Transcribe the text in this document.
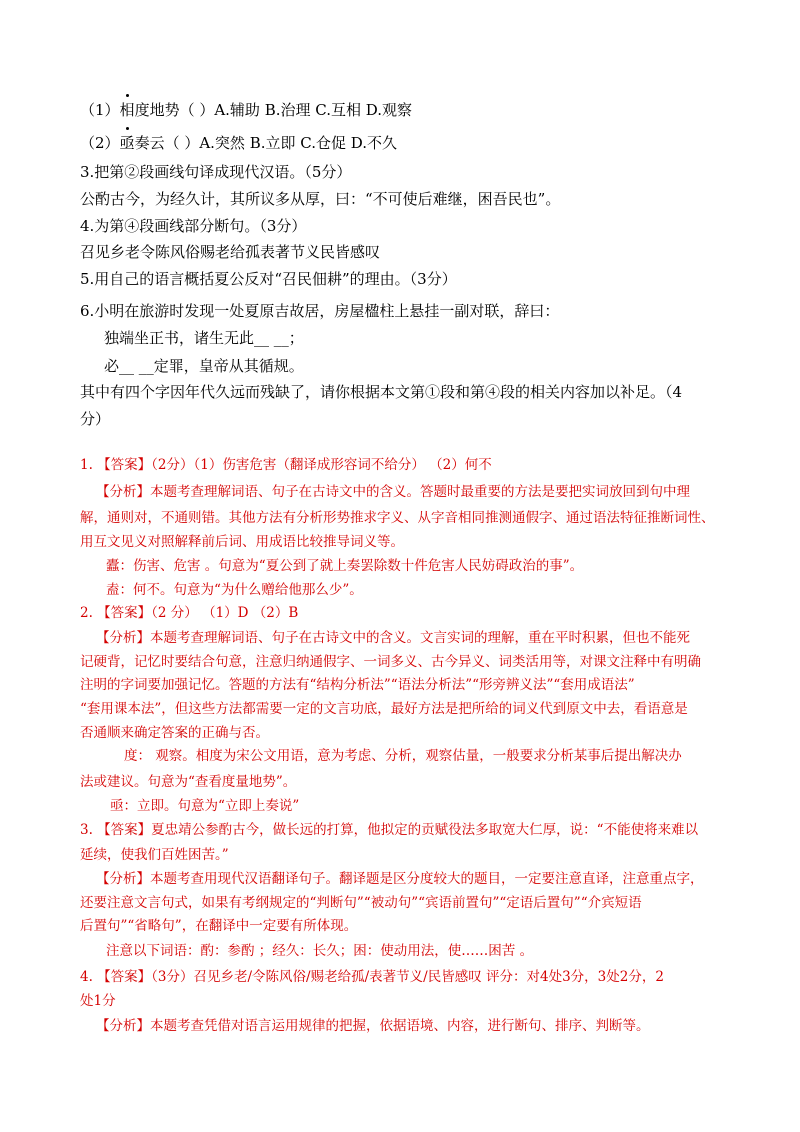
（1）相度地势（ ）A.辅助 B.治理 C.互相 D.观察
（2）亟奏云（ ）A.突然 B.立即 C.仓促 D.不久
3.把第②段画线句译成现代汉语。（5分）
公酌古今，为经久计，其所议多从厚，曰：“不可使后难继，困吾民也”。
4.为第④段画线部分断句。（3分）
召见乡老令陈风俗赐老给孤表著节义民皆感叹
5.用自己的语言概括夏公反对“召民佃耕”的理由。（3分）
6.小明在旅游时发现一处夏原吉故居，房屋楹柱上悬挂一副对联，辞曰：
独端坐正书，诸生无此__ __；
必__ __定罪，皇帝从其循规。
其中有四个字因年代久远而残缺了，请你根据本文第①段和第④段的相关内容加以补足。（4
分）
1. 【答案】（2分）（1）伤害危害（翻译成形容词不给分） （2）何不
【分析】本题考查理解词语、句子在古诗文中的含义。答题时最重要的方法是要把实词放回到句中理
解，通则对，不通则错。其他方法有分析形势推求字义、从字音相同推测通假字、通过语法特征推断词性、
用互文见义对照解释前后词、用成语比较推导词义等。
蠹：伤害、危害 。句意为“夏公到了就上奏罢除数十件危害人民妨碍政治的事”。
盍：何不。句意为“为什么赠给他那么少”。
2. 【答案】（2 分） （1）D （2）B
【分析】本题考查理解词语、句子在古诗文中的含义。文言实词的理解，重在平时积累，但也不能死
记硬背，记忆时要结合句意，注意归纳通假字、一词多义、古今异义、词类活用等，对课文注释中有明确
注明的字词要加强记忆。答题的方法有“结构分析法”“语法分析法”“形旁辨义法”“套用成语法”
“套用课本法”，但这些方法都需要一定的文言功底，最好方法是把所给的词义代到原文中去，看语意是
否通顺来确定答案的正确与否。
度： 观察。相度为宋公文用语，意为考虑、分析，观察估量，一般要求分析某事后提出解决办
法或建议。句意为“查看度量地势”。
亟：立即。句意为“立即上奏说”
3. 【答案】夏忠靖公参酌古今，做长远的打算，他拟定的贡赋役法多取宽大仁厚，说：“不能使将来难以
延续，使我们百姓困苦。”
【分析】本题考查用现代汉语翻译句子。翻译题是区分度较大的题目，一定要注意直译，注意重点字，
还要注意文言句式，如果有考纲规定的“判断句”“被动句”“宾语前置句”“定语后置句”“介宾短语
后置句”“省略句”，在翻译中一定要有所体现。
注意以下词语：酌：参酌 ；经久：长久；困：使动用法，使……困苦 。
4. 【答案】（3分）召见乡老/令陈风俗/赐老给孤/表著节义/民皆感叹 评分：对4处3分，3处2分，2
处1分
【分析】本题考查凭借对语言运用规律的把握，依据语境、内容，进行断句、排序、判断等。
